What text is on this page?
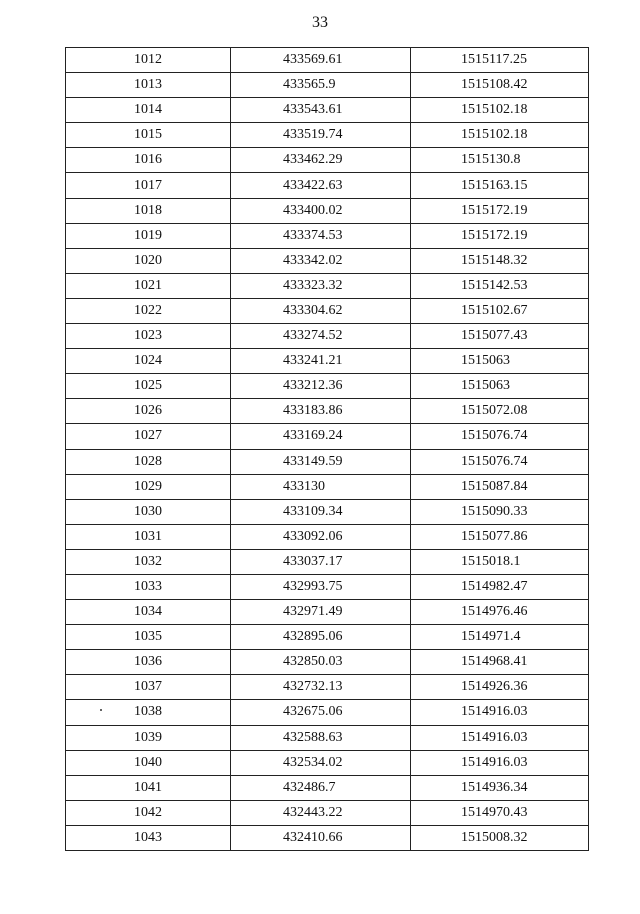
33
1012	433569.61	1515117.25
1013	433565.9	1515108.42
1014	433543.61	1515102.18
1015	433519.74	1515102.18
1016	433462.29	1515130.8
1017	433422.63	1515163.15
1018	433400.02	1515172.19
1019	433374.53	1515172.19
1020	433342.02	1515148.32
1021	433323.32	1515142.53
1022	433304.62	1515102.67
1023	433274.52	1515077.43
1024	433241.21	1515063
1025	433212.36	1515063
1026	433183.86	1515072.08
1027	433169.24	1515076.74
1028	433149.59	1515076.74
1029	433130	1515087.84
1030	433109.34	1515090.33
1031	433092.06	1515077.86
1032	433037.17	1515018.1
1033	432993.75	1514982.47
1034	432971.49	1514976.46
1035	432895.06	1514971.4
1036	432850.03	1514968.41
1037	432732.13	1514926.36
1038	432675.06	1514916.03
1039	432588.63	1514916.03
1040	432534.02	1514916.03
1041	432486.7	1514936.34
1042	432443.22	1514970.43
1043	432410.66	1515008.32
